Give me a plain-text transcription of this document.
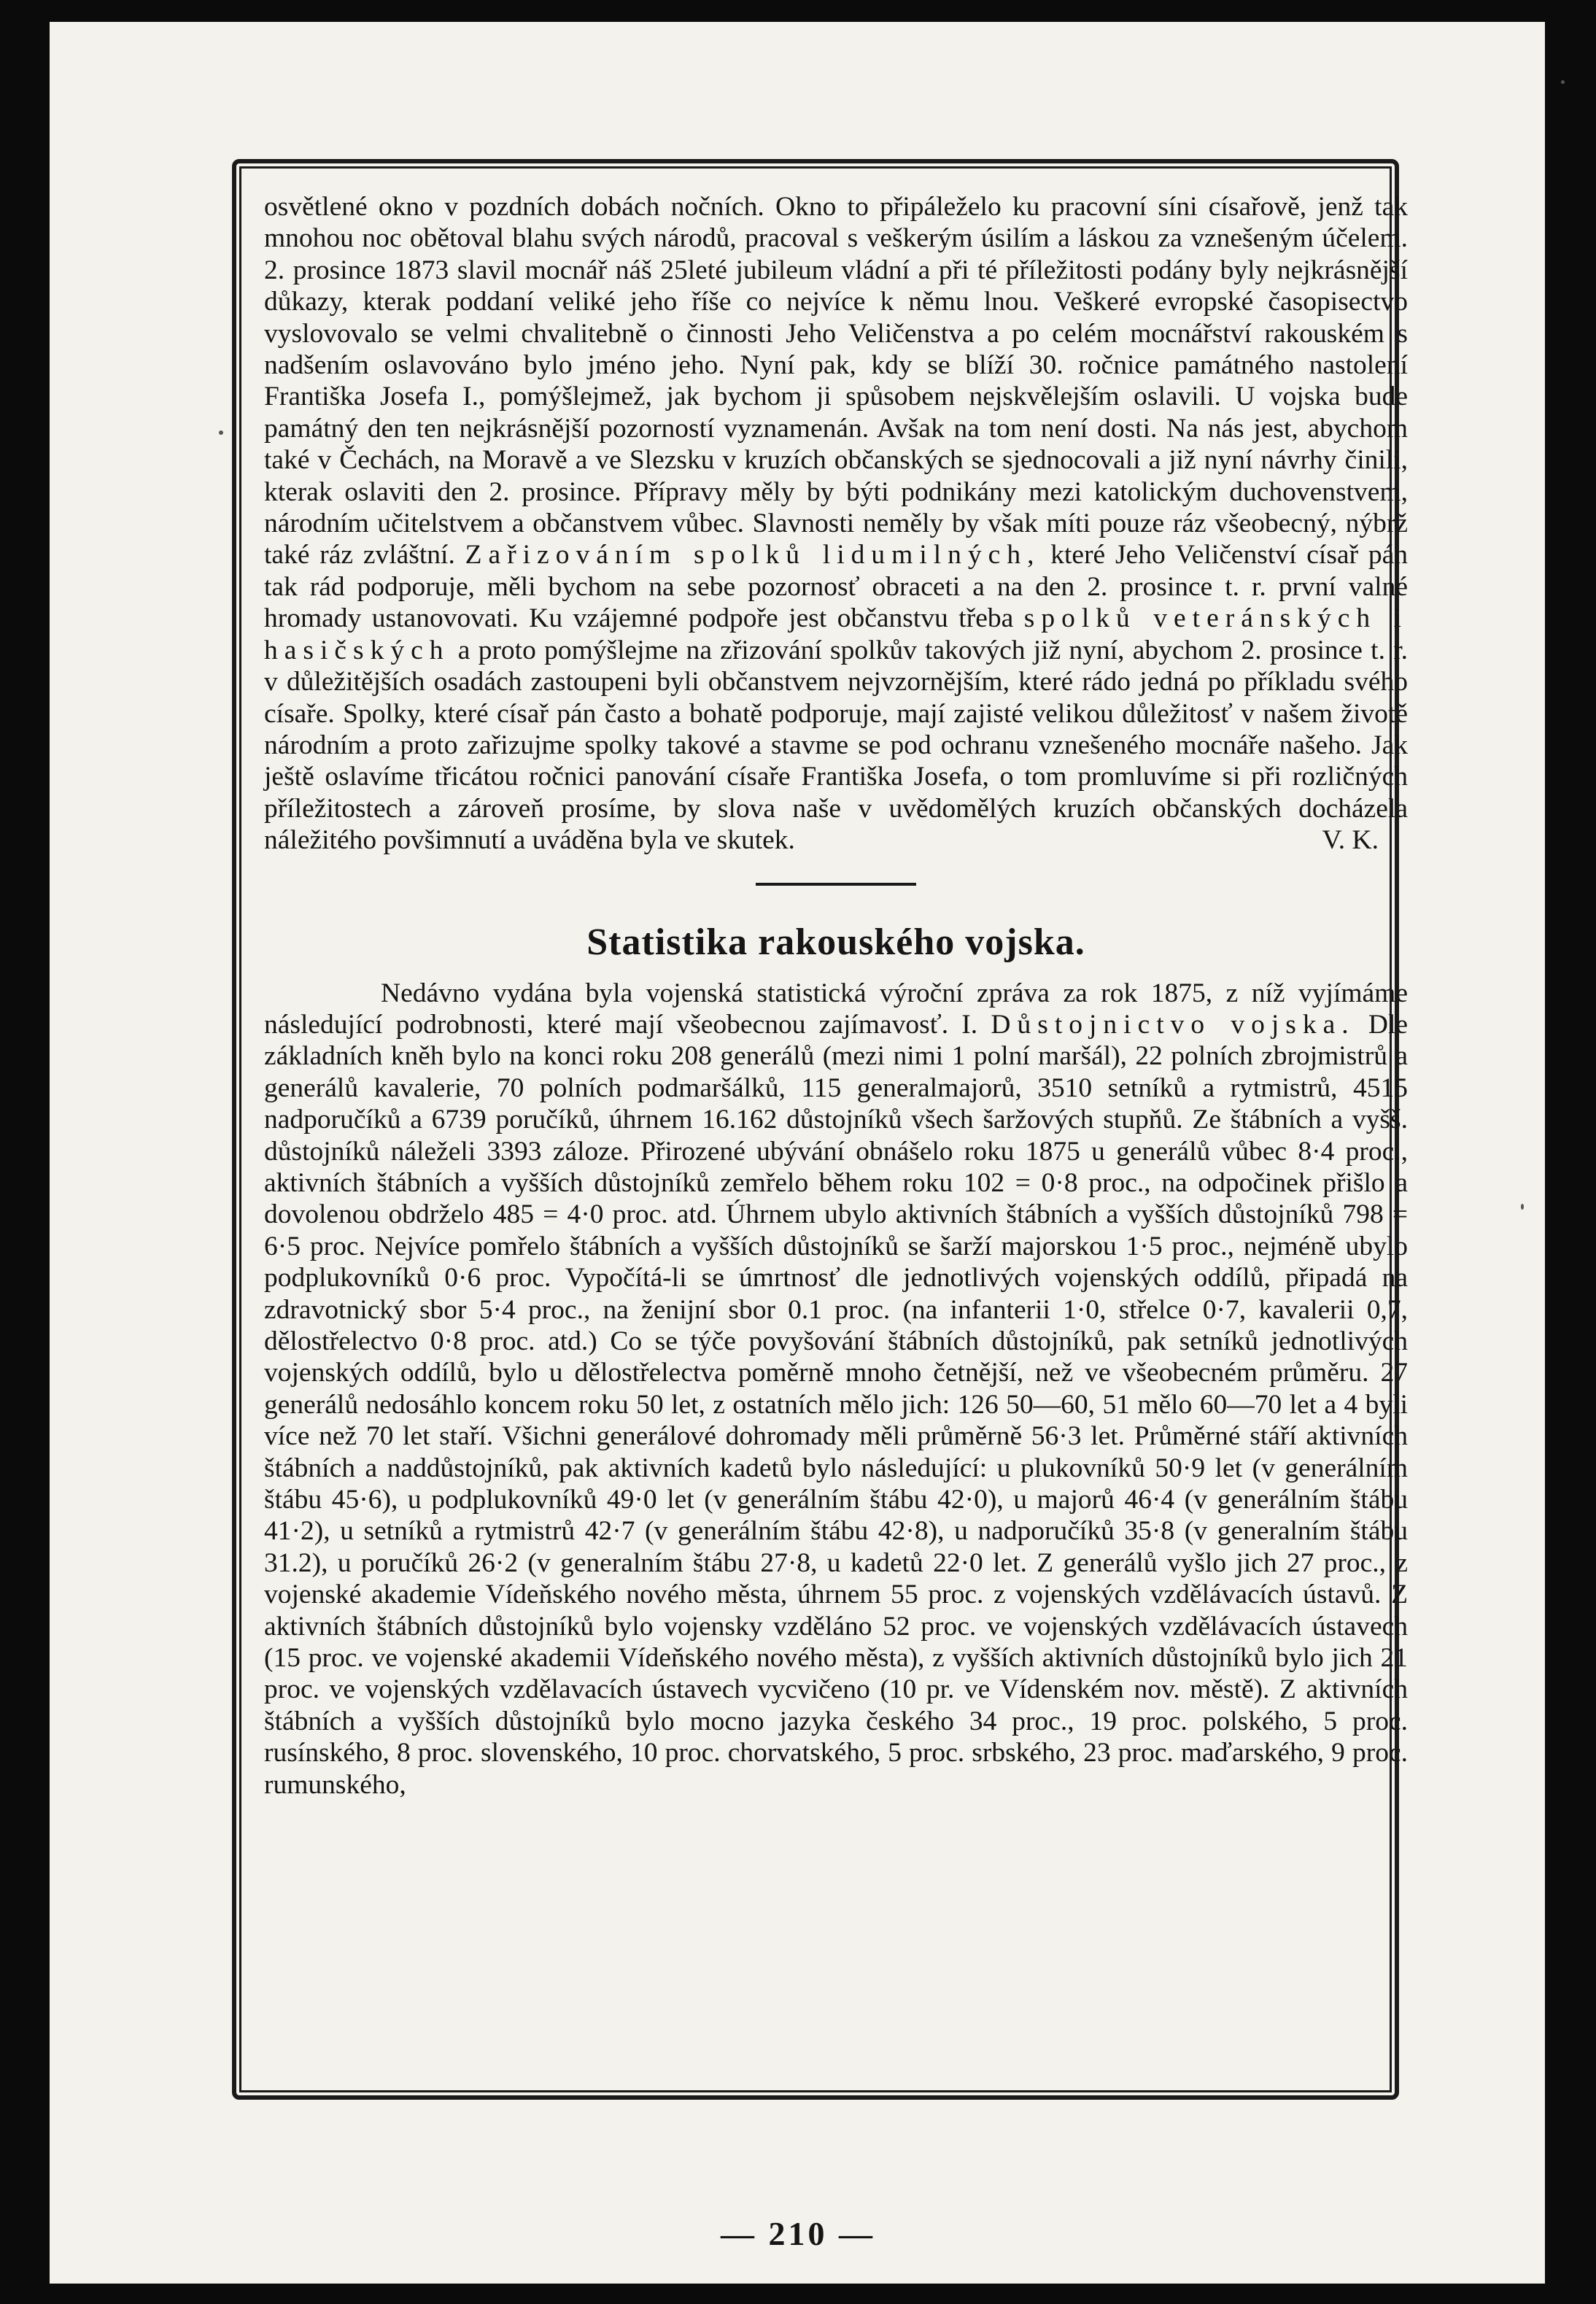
osvětlené okno v pozdních dobách nočních. Okno to připáleželo ku pracovní síni císařově, jenž tak mnohou noc obětoval blahu svých národů, pracoval s veškerým úsilím a láskou za vznešeným účelem. 2. prosince 1873 slavil mocnář náš 25leté jubileum vládní a při té příležitosti podány byly nejkrásnější důkazy, kterak poddaní veliké jeho říše co nejvíce k němu lnou. Veškeré evropské časopisectvo vyslovovalo se velmi chvalitebně o činnosti Jeho Veličenstva a po celém mocnářství rakouském s nadšením oslavováno bylo jméno jeho. Nyní pak, kdy se blíží 30. ročnice památného nastolení Františka Josefa I., pomýšlejmež, jak bychom ji spůsobem nejskvělejším oslavili. U vojska bude památný den ten nejkrásnější pozorností vyznamenán. Avšak na tom není dosti. Na nás jest, abychom také v Čechách, na Moravě a ve Slezsku v kruzích občanských se sjednocovali a již nyní návrhy činili, kterak oslaviti den 2. prosince. Přípravy měly by býti podnikány mezi katolickým duchovenstvem, národním učitelstvem a občanstvem vůbec. Slavnosti neměly by však míti pouze ráz všeobecný, nýbrž také ráz zvláštní. Zařizováním spolků lidumilných, které Jeho Veličenství císař pán tak rád podporuje, měli bychom na sebe pozornosť obraceti a na den 2. prosince t. r. první valné hromady ustanovovati. Ku vzájemné podpoře jest občanstvu třeba spolků veteránských i hasičských a proto pomýšlejme na zřizování spolkův takových již nyní, abychom 2. prosince t. r. v důležitějších osadách zastoupeni byli občanstvem nejvzornějším, které rádo jedná po příkladu svého císaře. Spolky, které císař pán často a bohatě podporuje, mají zajisté velikou důležitosť v našem životě národním a proto zařizujme spolky takové a stavme se pod ochranu vznešeného mocnáře našeho. Jak ještě oslavíme třicátou ročnici panování císaře Františka Josefa, o tom promluvíme si při rozličných příležitostech a zároveň prosíme, by slova naše v uvědomělých kruzích občanských docházela náležitého povšimnutí a uváděna byla ve skutek.	V. K.

Statistika rakouského vojska.

Nedávno vydána byla vojenská statistická výroční zpráva za rok 1875, z níž vyjímáme následující podrobnosti, které mají všeobecnou zajímavosť. I. Důstojnictvo vojska. Dle základních kněh bylo na konci roku 208 generálů (mezi nimi 1 polní maršál), 22 polních zbrojmistrů a generálů kavalerie, 70 polních podmaršálků, 115 generalmajorů, 3510 setníků a rytmistrů, 4515 nadporučíků a 6739 poručíků, úhrnem 16.162 důstojníků všech šaržových stupňů. Ze štábních a vyšš. důstojníků náleželi 3393 záloze. Přirozené ubývání obnášelo roku 1875 u generálů vůbec 8·4 proc., aktivních štábních a vyšších důstojníků zemřelo během roku 102 = 0·8 proc., na odpočinek přišlo a dovolenou obdrželo 485 = 4·0 proc. atd. Úhrnem ubylo aktivních štábních a vyšších důstojníků 798 = 6·5 proc. Nejvíce pomřelo štábních a vyšších důstojníků se šarží majorskou 1·5 proc., nejméně ubylo podplukovníků 0·6 proc. Vypočítá-li se úmrtnosť dle jednotlivých vojenských oddílů, připadá na zdravotnický sbor 5·4 proc., na ženijní sbor 0.1 proc. (na infanterii 1·0, střelce 0·7, kavalerii 0,7, dělostřelectvo 0·8 proc. atd.) Co se týče povyšování štábních důstojníků, pak setníků jednotlivých vojenských oddílů, bylo u dělostřelectva poměrně mnoho četnější, než ve všeobecném průměru. 27 generálů nedosáhlo koncem roku 50 let, z ostatních mělo jich: 126 50—60, 51 mělo 60—70 let a 4 byli více než 70 let staří. Všichni generálové dohromady měli průměrně 56·3 let. Průměrné stáří aktivních štábních a naddůstojníků, pak aktivních kadetů bylo následující: u plukovníků 50·9 let (v generálním štábu 45·6), u podplukovníků 49·0 let (v generálním štábu 42·0), u majorů 46·4 (v generálním štábu 41·2), u setníků a rytmistrů 42·7 (v generálním štábu 42·8), u nadporučíků 35·8 (v generalním štábu 31.2), u poručíků 26·2 (v generalním štábu 27·8, u kadetů 22·0 let. Z generálů vyšlo jich 27 proc., z vojenské akademie Vídeňského nového města, úhrnem 55 proc. z vojenských vzdělávacích ústavů. Z aktivních štábních důstojníků bylo vojensky vzděláno 52 proc. ve vojenských vzdělávacích ústavech (15 proc. ve vojenské akademii Vídeňského nového města), z vyšších aktivních důstojníků bylo jich 21 proc. ve vojenských vzdělavacích ústavech vycvičeno (10 pr. ve Vídenském nov. městě). Z aktivních štábních a vyšších důstojníků bylo mocno jazyka českého 34 proc., 19 proc. polského, 5 proc. rusínského, 8 proc. slovenského, 10 proc. chorvatského, 5 proc. srbského, 23 proc. maďarského, 9 proc. rumunského,

— 210 —
